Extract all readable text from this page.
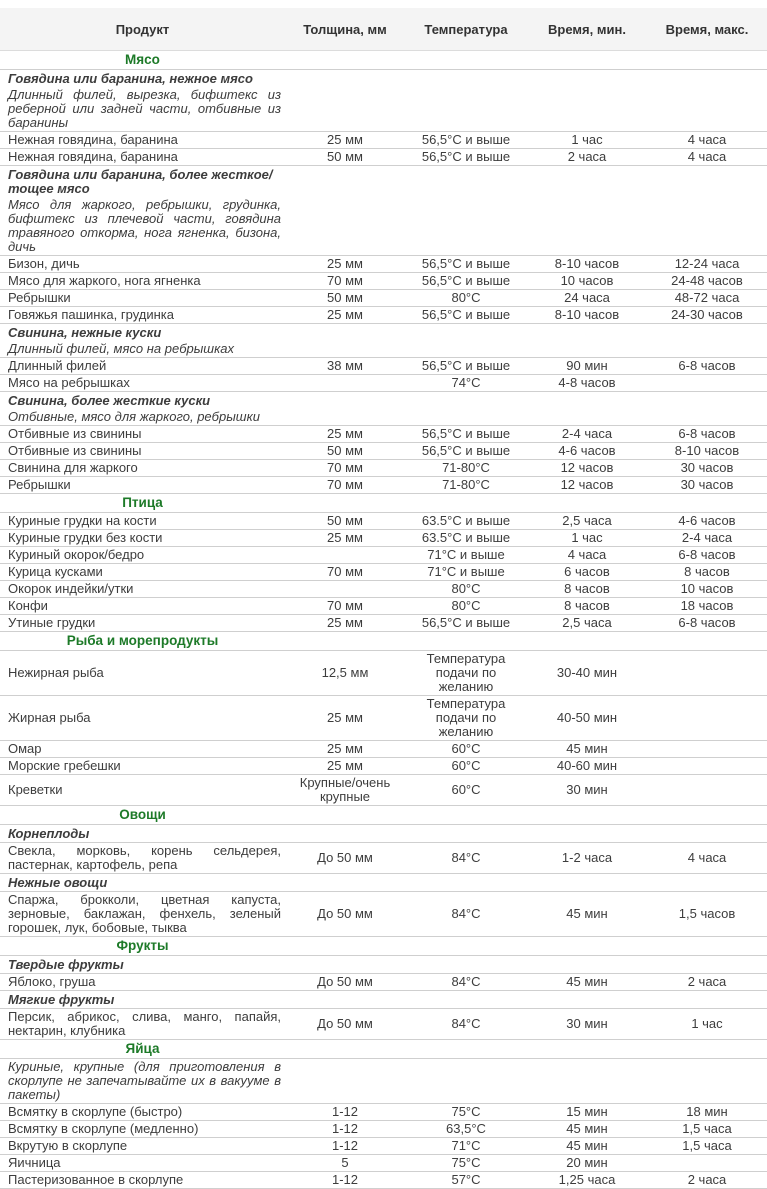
Продукт	Толщина, мм	Температура	Время, мин.	Время, макс.
Мясо				
Говядина или баранина, нежное мясо				
Длинный филей, вырезка, бифштекс из реберной или задней части, отбивные из баранины				
Нежная говядина, баранина	25 мм	56,5°C и выше	1 час	4 часа
Нежная говядина, баранина	50 мм	56,5°C и выше	2 часа	4 часа
Говядина или баранина, более жесткое/тощее мясо				
Мясо для жаркого, ребрышки, грудинка, бифштекс из плечевой части, говядина травяного откорма, нога ягненка, бизона, дичь				
Бизон, дичь	25 мм	56,5°C и выше	8-10 часов	12-24 часа
Мясо для жаркого, нога ягненка	70 мм	56,5°C и выше	10 часов	24-48 часов
Ребрышки	50 мм	80°C	24 часа	48-72 часа
Говяжья пашинка, грудинка	25 мм	56,5°C и выше	8-10 часов	24-30 часов
Свинина, нежные куски				
Длинный филей, мясо на ребрышках				
Длинный филей	38 мм	56,5°C и выше	90 мин	6-8 часов
Мясо на ребрышках		74°C	4-8 часов	
Свинина, более жесткие куски				
Отбивные, мясо для жаркого, ребрышки				
Отбивные из свинины	25 мм	56,5°C и выше	2-4 часа	6-8 часов
Отбивные из свинины	50 мм	56,5°C и выше	4-6 часов	8-10 часов
Свинина для жаркого	70 мм	71-80°C	12 часов	30 часов
Ребрышки	70 мм	71-80°C	12 часов	30 часов
Птица				
Куриные грудки на кости	50 мм	63.5°C и выше	2,5 часа	4-6 часов
Куриные грудки без кости	25 мм	63.5°C и выше	1 час	2-4 часа
Куриный окорок/бедро		71°C и выше	4 часа	6-8 часов
Курица кусками	70 мм	71°C и выше	6 часов	8 часов
Окорок индейки/утки		80°C	8 часов	10 часов
Конфи	70 мм	80°C	8 часов	18 часов
Утиные грудки	25 мм	56,5°C и выше	2,5 часа	6-8 часов
Рыба и морепродукты				
Нежирная рыба	12,5 мм	Температура подачи по желанию	30-40 мин	
Жирная рыба	25 мм	Температура подачи по желанию	40-50 мин	
Омар	25 мм	60°C	45 мин	
Морские гребешки	25 мм	60°C	40-60 мин	
Креветки	Крупные/очень крупные	60°C	30 мин	
Овощи				
Корнеплоды				
Свекла, морковь, корень сельдерея, пастернак, картофель, репа	До 50 мм	84°C	1-2 часа	4 часа
Нежные овощи				
Спаржа, брокколи, цветная капуста, зерновые, баклажан, фенхель, зеленый горошек, лук, бобовые, тыква	До 50 мм	84°C	45 мин	1,5 часов
Фрукты				
Твердые фрукты				
Яблоко, груша	До 50 мм	84°C	45 мин	2 часа
Мягкие фрукты				
Персик, абрикос, слива, манго, папайя, нектарин, клубника	До 50 мм	84°C	30 мин	1 час
Яйца				
Куриные, крупные (для приготовления в скорлупе не запечатывайте их в вакууме в пакеты)				
Всмятку в скорлупе (быстро)	1-12	75°C	15 мин	18 мин
Всмятку в скорлупе (медленно)	1-12	63,5°C	45 мин	1,5 часа
Вкрутую в скорлупе	1-12	71°C	45 мин	1,5 часа
Яичница	5	75°C	20 мин	
Пастеризованное в скорлупе	1-12	57°C	1,25 часа	2 часа
